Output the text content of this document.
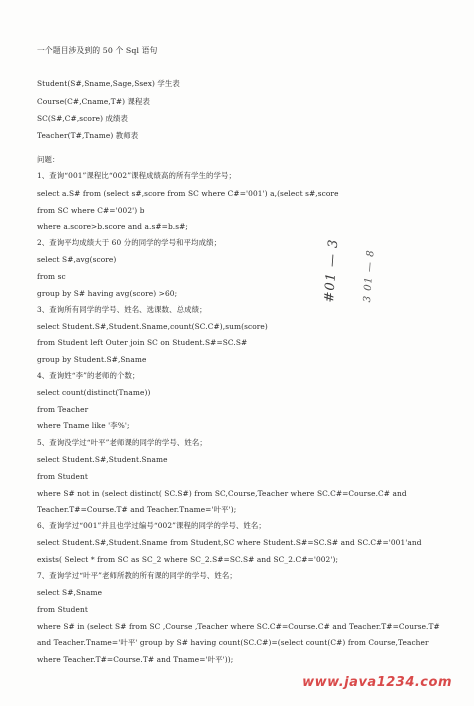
一个题目涉及到的 50 个 Sql 语句
Student(S#,Sname,Sage,Ssex) 学生表
Course(C#,Cname,T#) 课程表
SC(S#,C#,score) 成绩表
Teacher(T#,Tname) 教师表
问题：
1、查询“001”课程比“002”课程成绩高的所有学生的学号；
select a.S# from (select s#,score from SC where C#='001') a,(select s#,score
from SC where C#='002') b
where a.score>b.score and a.s#=b.s#;
2、查询平均成绩大于 60 分的同学的学号和平均成绩；
select S#,avg(score)
from sc
group by S# having avg(score) >60;
3、查询所有同学的学号、姓名、选课数、总成绩；
select Student.S#,Student.Sname,count(SC.C#),sum(score)
from Student left Outer join SC on Student.S#=SC.S#
group by Student.S#,Sname
4、查询姓“李”的老师的个数；
select count(distinct(Tname))
from Teacher
where Tname like '李%';
5、查询没学过“叶平”老师课的同学的学号、姓名；
select Student.S#,Student.Sname
from Student
where S# not in (select distinct( SC.S#) from SC,Course,Teacher where SC.C#=Course.C# and
Teacher.T#=Course.T# and Teacher.Tname='叶平');
6、查询学过“001”并且也学过编号“002”课程的同学的学号、姓名；
select Student.S#,Student.Sname from Student,SC where Student.S#=SC.S# and SC.C#='001'and
exists( Select * from SC as SC_2 where SC_2.S#=SC.S# and SC_2.C#='002');
7、查询学过“叶平”老师所教的所有课的同学的学号、姓名；
select S#,Sname
from Student
where S# in (select S# from SC ,Course ,Teacher where SC.C#=Course.C# and Teacher.T#=Course.T#
and Teacher.Tname='叶平' group by S# having count(SC.C#)=(select count(C#) from Course,Teacher
where Teacher.T#=Course.T# and Tname='叶平'));
#01 — 3 3 01 — 8
www.java1234.com
